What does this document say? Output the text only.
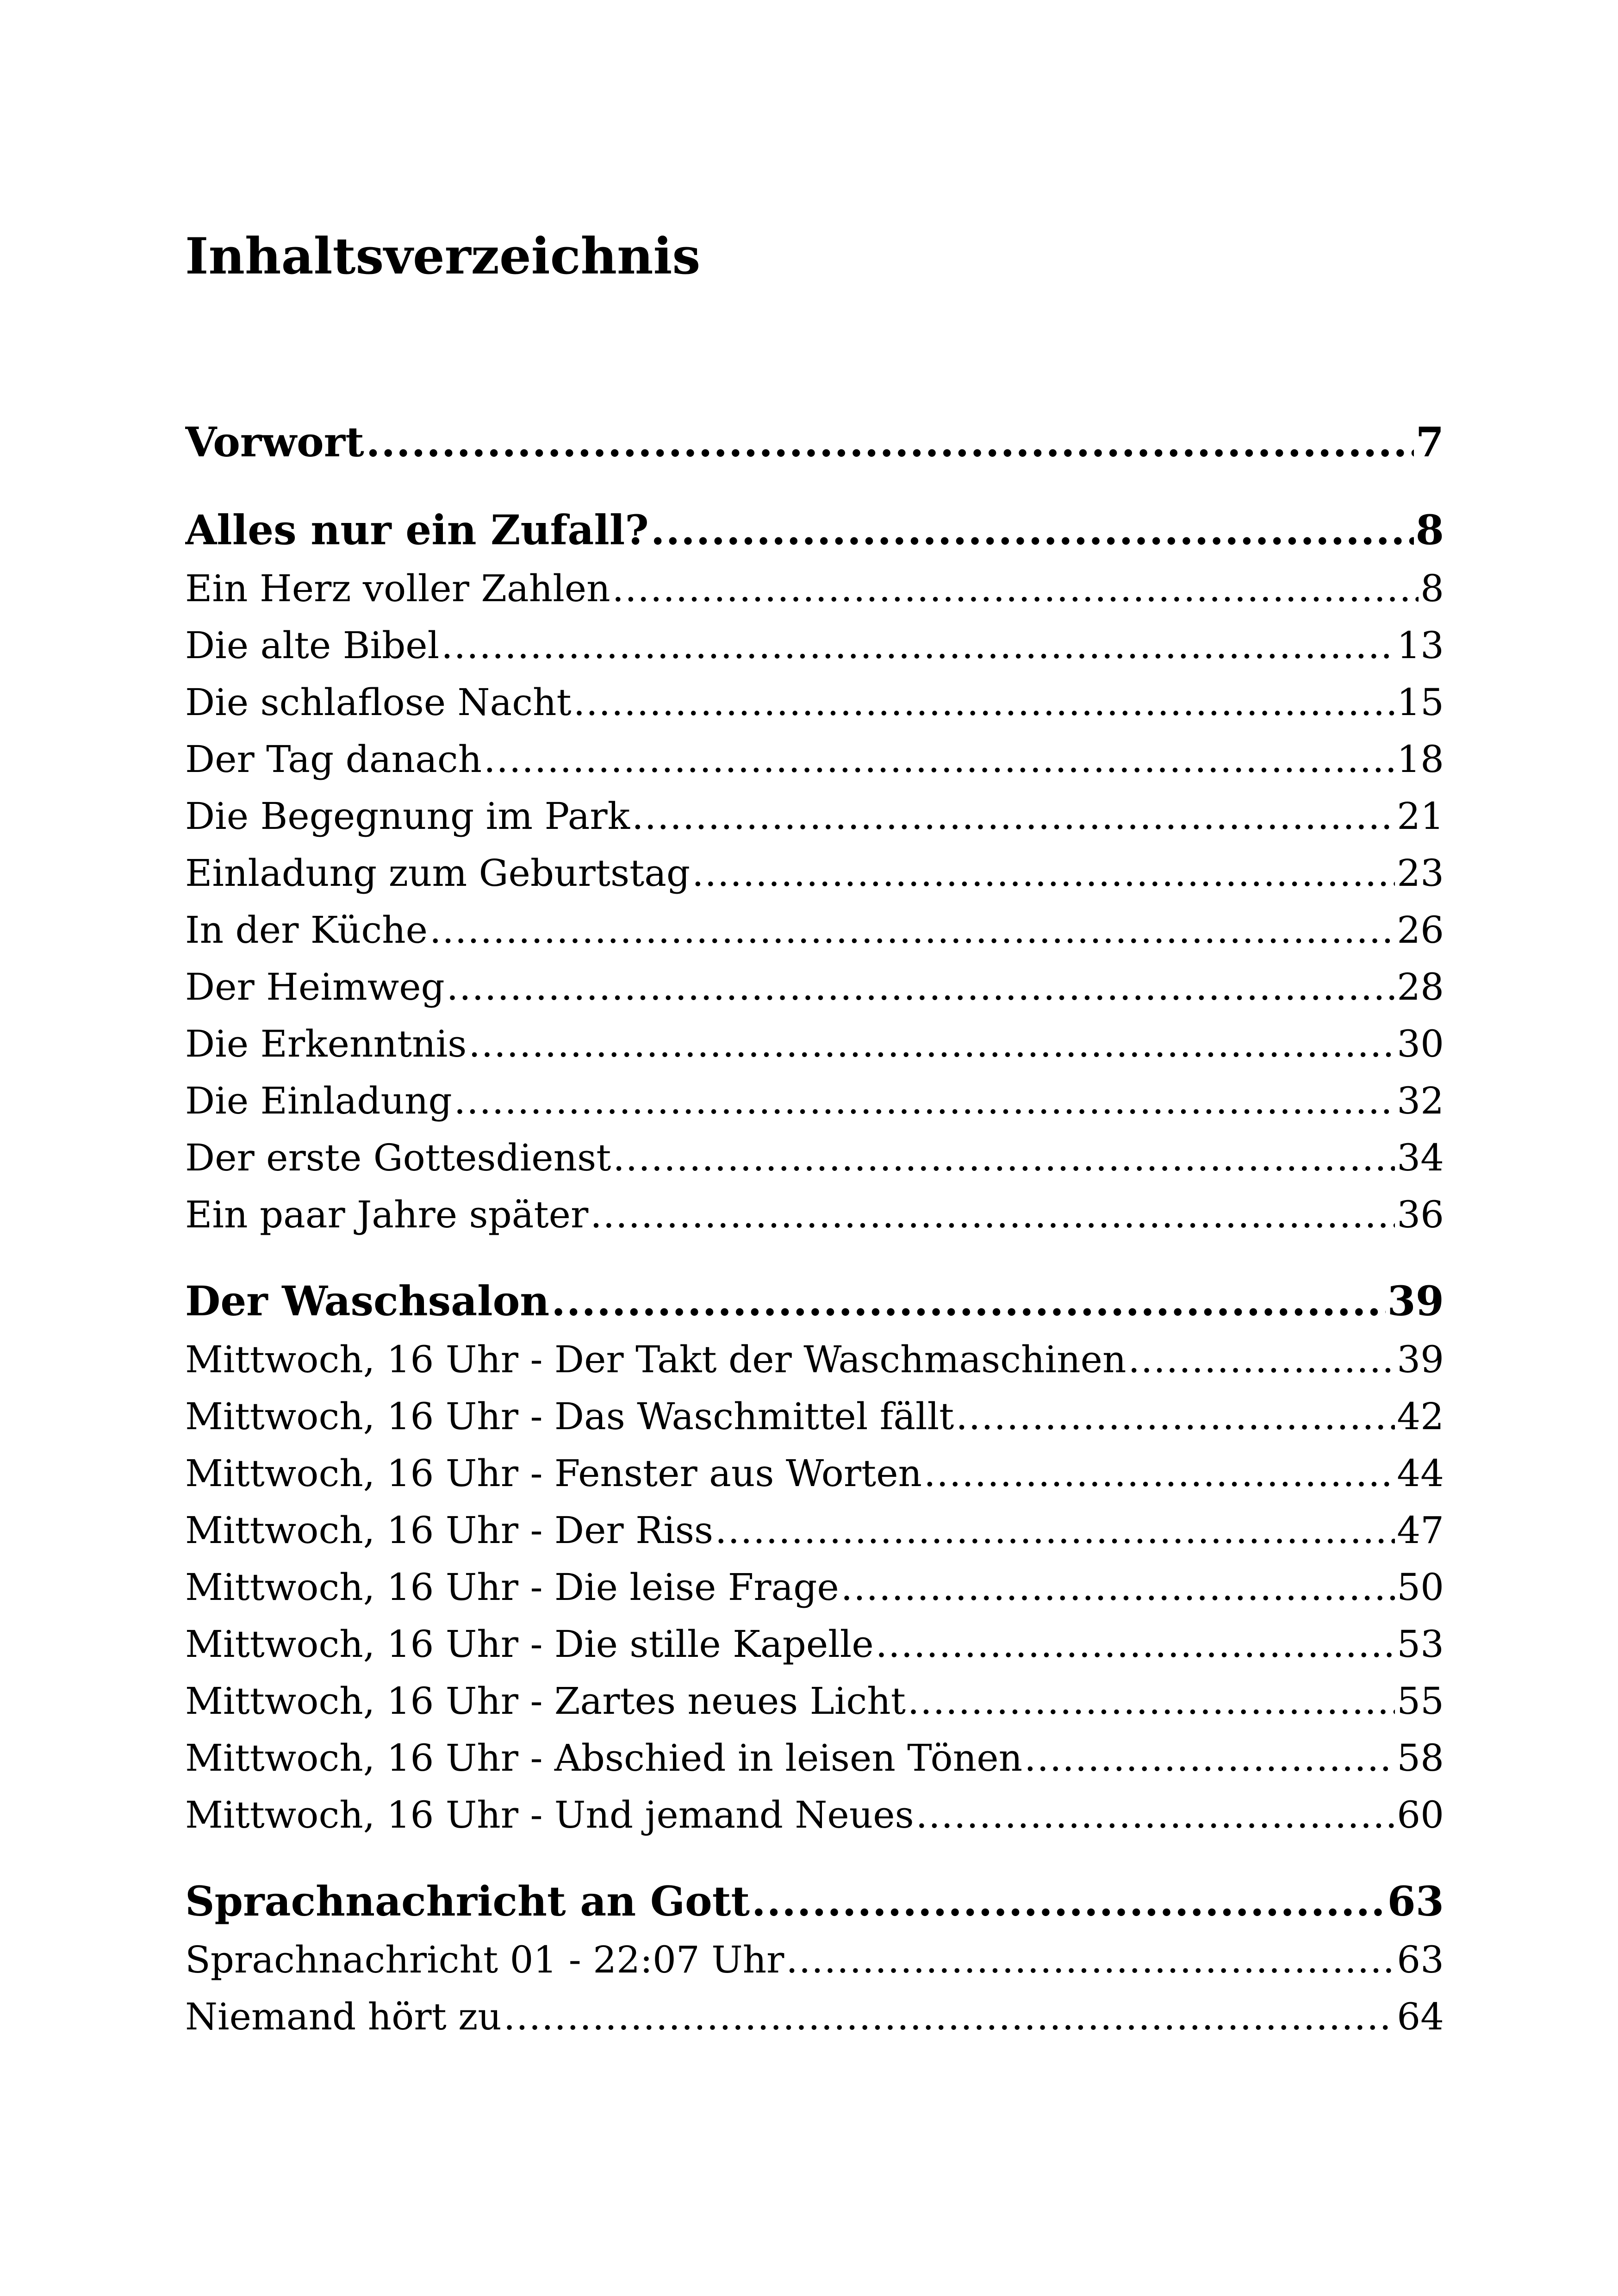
Inhaltsverzeichnis
Vorwort .....	7
Alles nur ein Zufall? .....	8
Ein Herz voller Zahlen .....	8
Die alte Bibel .....	13
Die schlaflose Nacht .....	15
Der Tag danach .....	18
Die Begegnung im Park .....	21
Einladung zum Geburtstag .....	23
In der Küche .....	26
Der Heimweg .....	28
Die Erkenntnis .....	30
Die Einladung .....	32
Der erste Gottesdienst .....	34
Ein paar Jahre später .....	36
Der Waschsalon .....	39
Mittwoch, 16 Uhr - Der Takt der Waschmaschinen .....	39
Mittwoch, 16 Uhr - Das Waschmittel fällt .....	42
Mittwoch, 16 Uhr - Fenster aus Worten .....	44
Mittwoch, 16 Uhr - Der Riss .....	47
Mittwoch, 16 Uhr - Die leise Frage .....	50
Mittwoch, 16 Uhr - Die stille Kapelle .....	53
Mittwoch, 16 Uhr - Zartes neues Licht .....	55
Mittwoch, 16 Uhr - Abschied in leisen Tönen .....	58
Mittwoch, 16 Uhr - Und jemand Neues .....	60
Sprachnachricht an Gott .....	63
Sprachnachricht 01 - 22:07 Uhr .....	63
Niemand hört zu .....	64
